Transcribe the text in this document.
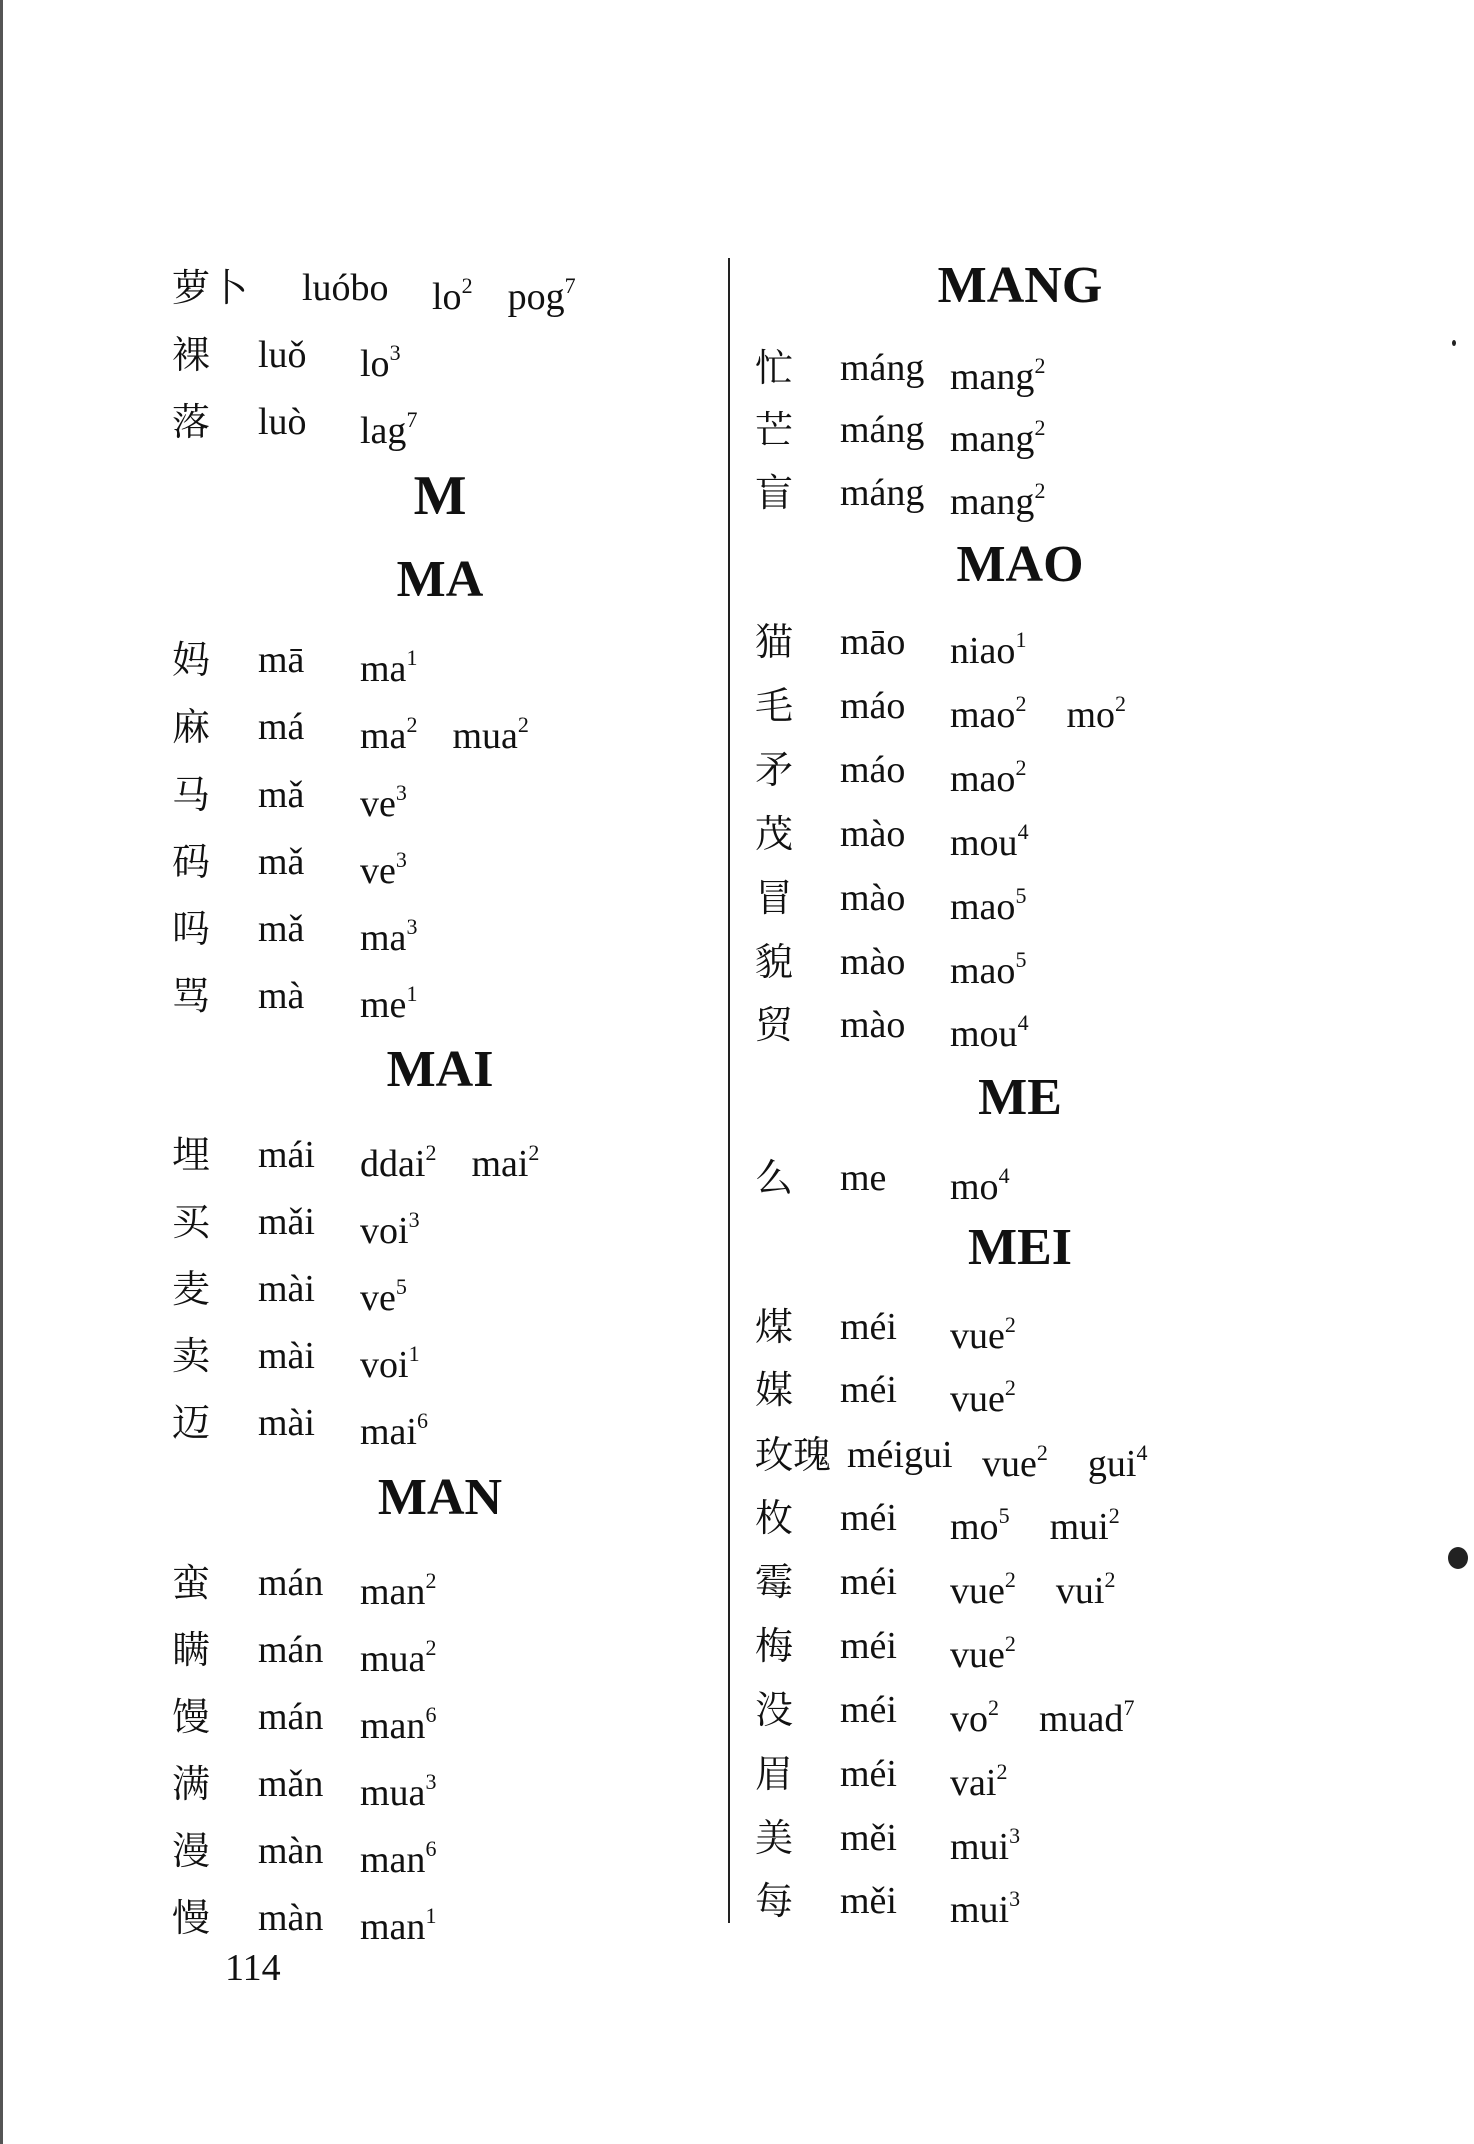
萝卜 luóbo $lo^2$ pog$^7$
裸 luǒ $lo^3$
落 luò lag$^7$
M
MA
妈 mā $ma^1$
麻 má $ma^2$ mua$^2$
马 mǎ $ve^3$
码 mǎ $ve^3$
吗 mǎ $ma^3$
骂 mà $me^1$
MAI
埋 mái ddai$^2$ mai$^2$
买 mǎi voi$^3$
麦 mài $ve^5$
卖 mài voi$^1$
迈 mài mai$^6$
MAN
蛮 mán man$^2$
瞒 mán mua$^2$
馒 mán man$^6$
满 mǎn mua$^3$
漫 màn man$^6$
慢 màn man$^1$
MANG
忙 máng mang$^2$
芒 máng mang$^2$
盲 máng mang$^2$
MAO
猫 māo niao$^1$
毛 máo mao$^2$ $mo^2$
矛 máo mao$^2$
茂 mào mou$^4$
冒 mào mao$^5$
貌 mào mao$^5$
贸 mào mou$^4$
ME
么 me $mo^4$
MEI
煤 méi vue$^2$
媒 méi vue$^2$
玫瑰 méigui vue$^2$ gui$^4$
枚 méi $mo^5$ mui$^2$
霉 méi vue$^2$ vui$^2$
梅 méi vue$^2$
没 méi $vo^2$ muad$^7$
眉 méi vai$^2$
美 měi mui$^3$
每 měi mui$^3$
114
